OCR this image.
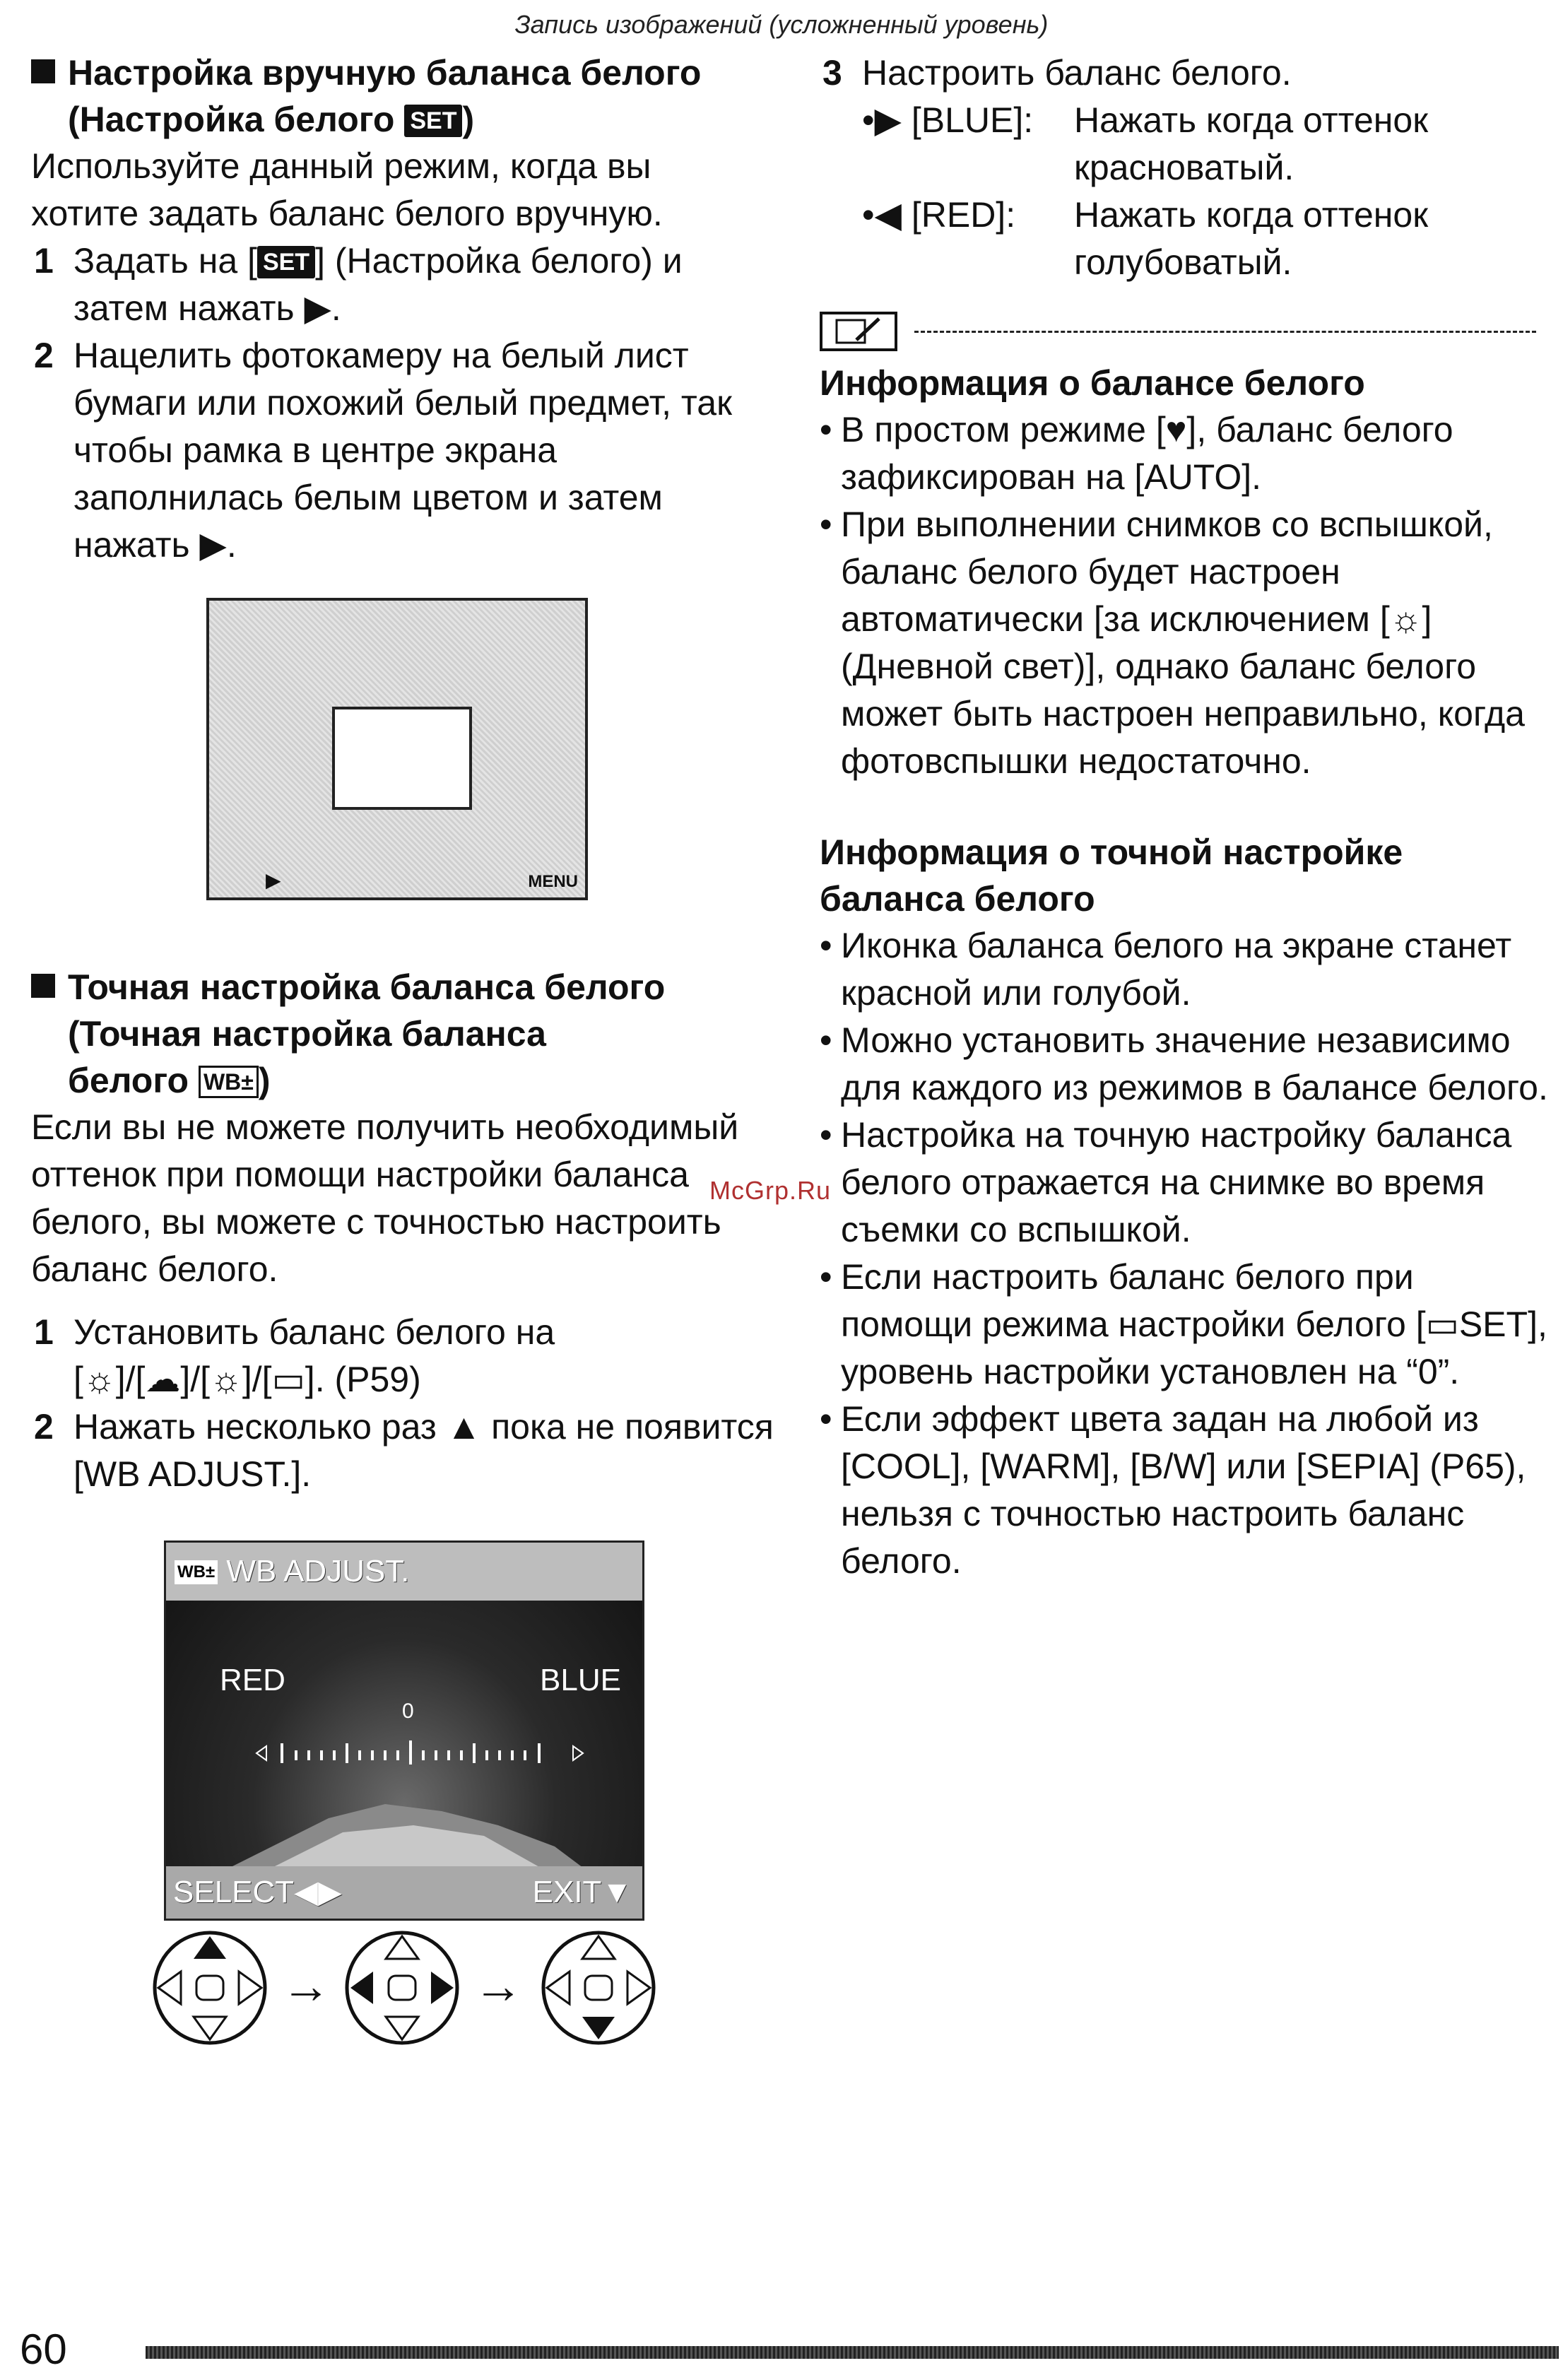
Запись изображений (усложненный уровень)
Настройка вручную баланса белого
(Настройка белого SET )
Используйте данный режим, когда вы хотите задать баланс белого вручную.
1 Задать на [ SET ] (Настройка белого) и затем нажать ▶.
2 Нацелить фотокамеру на белый лист бумаги или похожий белый предмет, так чтобы рамка в центре экрана заполнилась белым цветом и затем нажать ▶.
▶	MENU
Точная настройка баланса белого
(Точная настройка баланса
белого WB± )
Если вы не можете получить необходимый оттенок при помощи настройки баланса белого, вы можете с точностью настроить баланс белого.
1 Установить баланс белого на [☼]/[☁]/[☼]/[▭]. (P59)
2 Нажать несколько раз ▲ пока не появится [WB ADJUST.].
WB± WB ADJUST.
RED	BLUE
0
SELECT◀▶	EXIT▼
→	→
3 Настроить баланс белого.
•▶ [BLUE]: Нажать когда оттенок красноватый.
•◀ [RED]: Нажать когда оттенок голубоватый.
Информация о балансе белого
• В простом режиме [♥], баланс белого зафиксирован на [AUTO].
• При выполнении снимков со вспышкой, баланс белого будет настроен автоматически [за исключением [☼] (Дневной свет)], однако баланс белого может быть настроен неправильно, когда фотовспышки недостаточно.
Информация о точной настройке баланса белого
• Иконка баланса белого на экране станет красной или голубой.
• Можно установить значение независимо для каждого из режимов в балансе белого.
• Настройка на точную настройку баланса белого отражается на снимке во время съемки со вспышкой.
• Если настроить баланс белого при помощи режима настройки белого [▭SET], уровень настройки установлен на “0”.
• Если эффект цвета задан на любой из [COOL], [WARM], [B/W] или [SEPIA] (P65), нельзя с точностью настроить баланс белого.
McGrp.Ru
60
